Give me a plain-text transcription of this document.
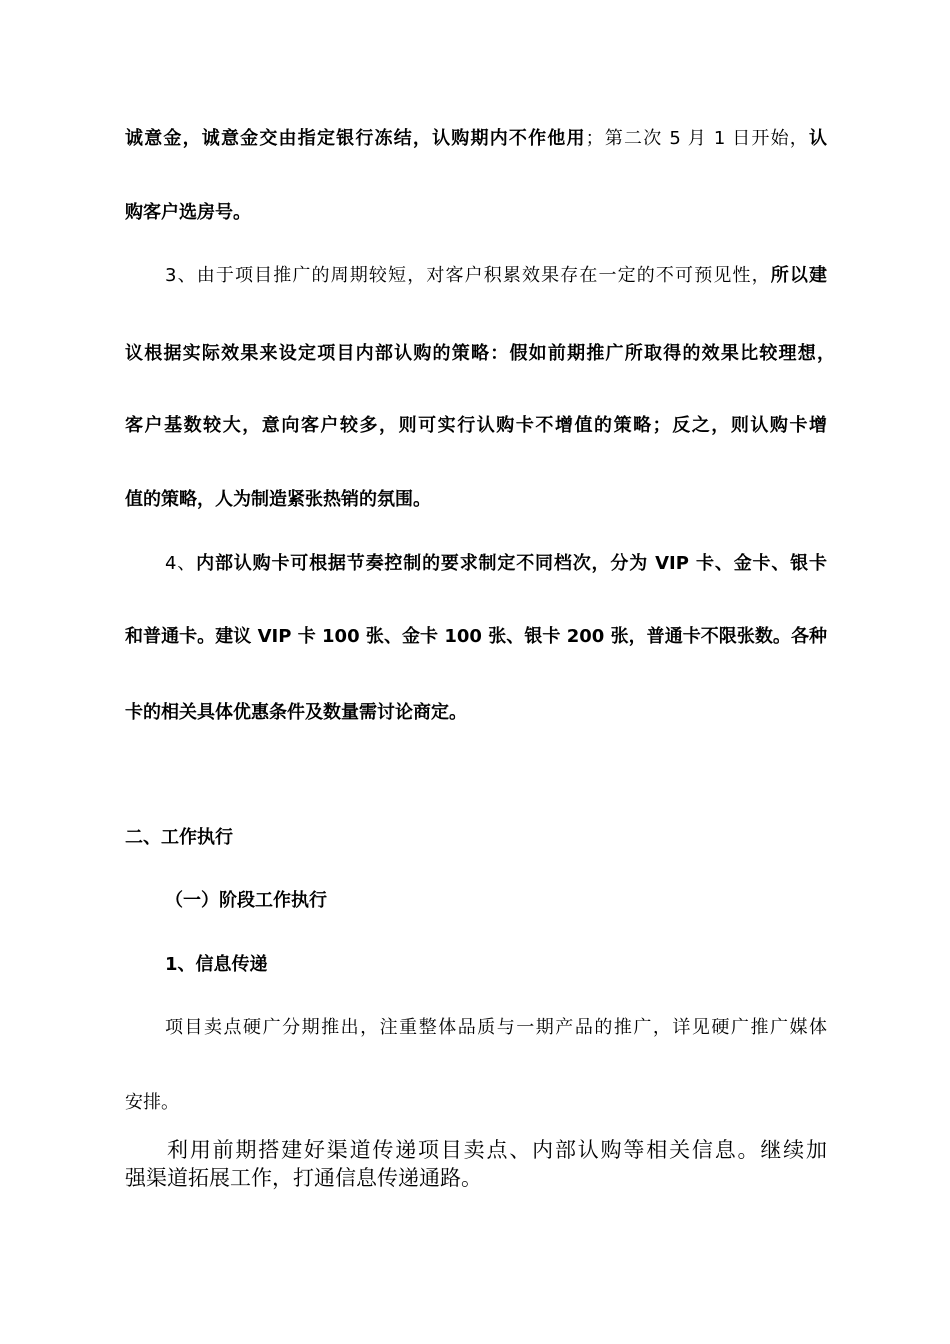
诚意金，诚意金交由指定银行冻结，认购期内不作他用；第二次 5 月 1 日开始，认
购客户选房号。
3、由于项目推广的周期较短，对客户积累效果存在一定的不可预见性，所以建
议根据实际效果来设定项目内部认购的策略：假如前期推广所取得的效果比较理想，
客户基数较大，意向客户较多，则可实行认购卡不增值的策略；反之，则认购卡增
值的策略，人为制造紧张热销的氛围。
4、内部认购卡可根据节奏控制的要求制定不同档次，分为 VIP 卡、金卡、银卡
和普通卡。建议 VIP 卡 100 张、金卡 100 张、银卡 200 张，普通卡不限张数。各种
卡的相关具体优惠条件及数量需讨论商定。
二、工作执行
（一）阶段工作执行
1、信息传递
项目卖点硬广分期推出，注重整体品质与一期产品的推广，详见硬广推广媒体
安排。
利用前期搭建好渠道传递项目卖点、内部认购等相关信息。继续加
强渠道拓展工作，打通信息传递通路。
